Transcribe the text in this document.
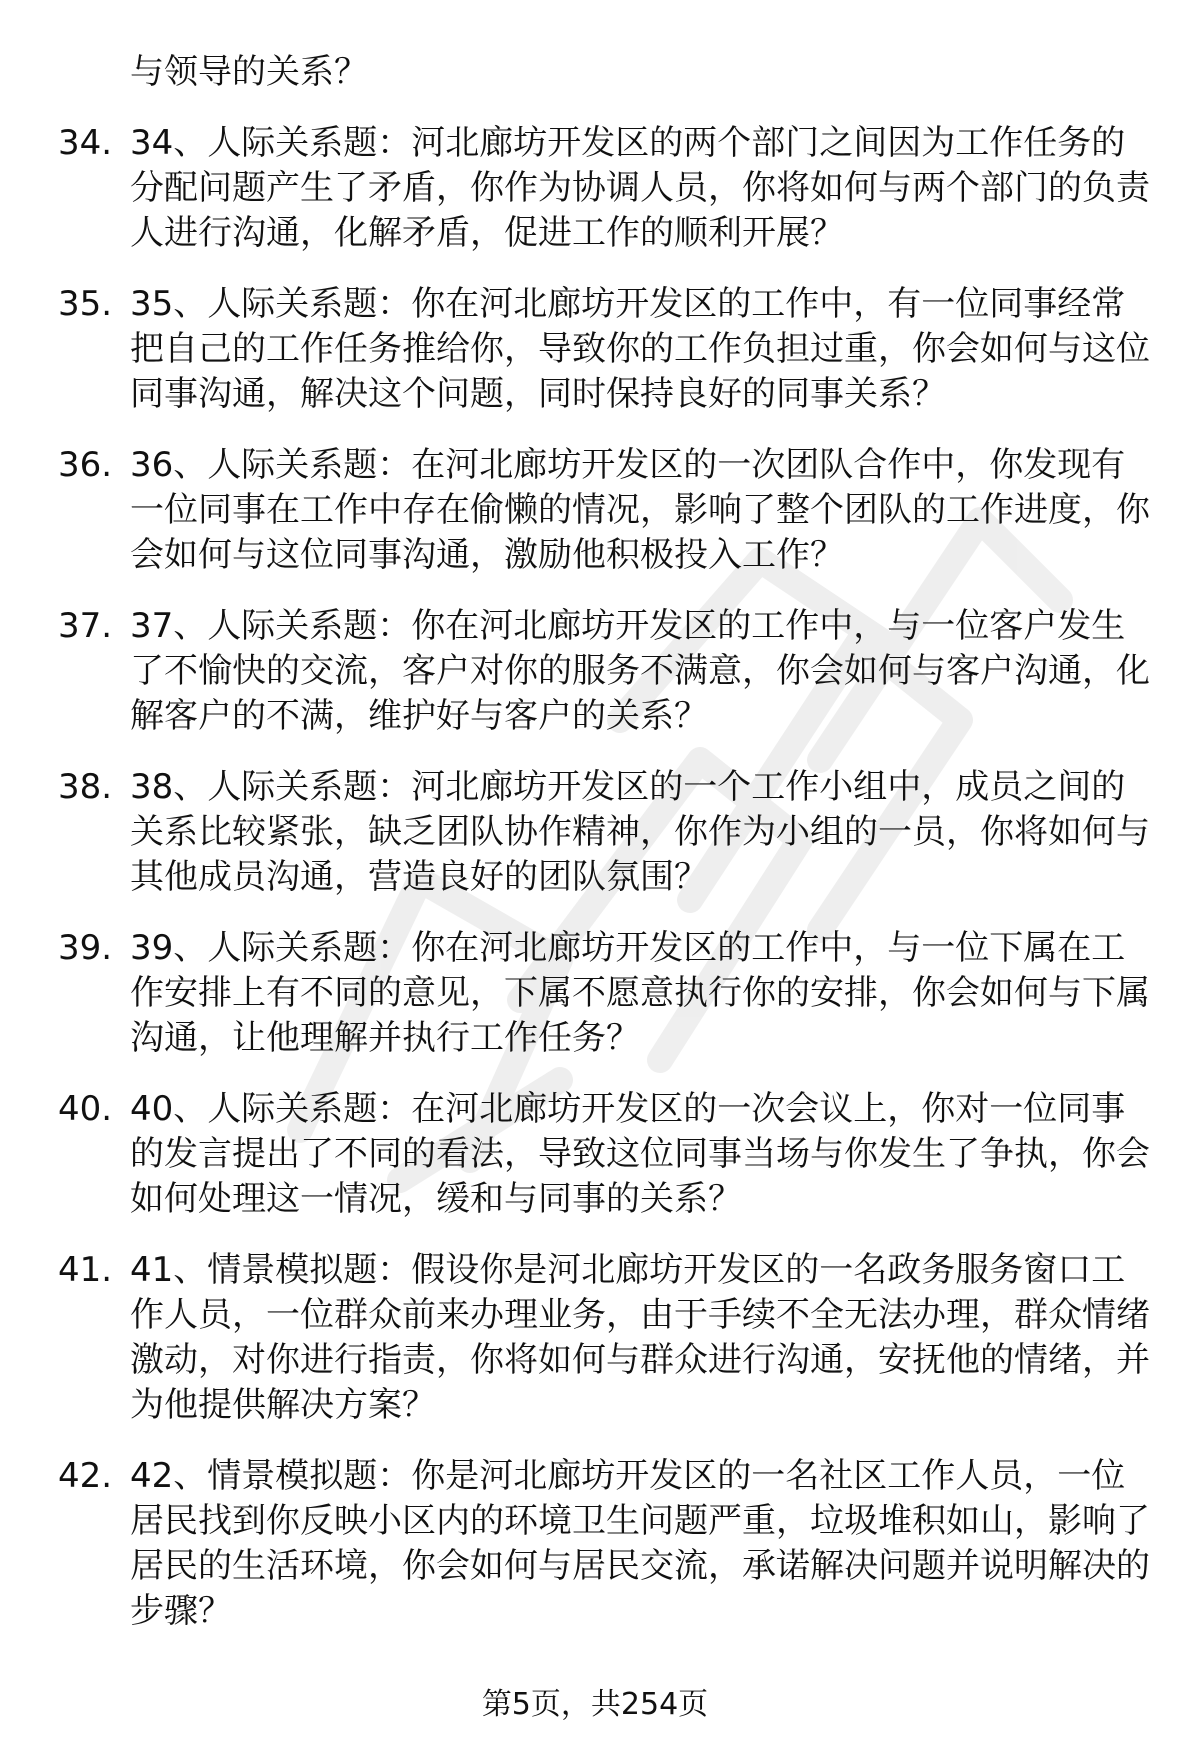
与领导的关系？
34. 34、人际关系题：河北廊坊开发区的两个部门之间因为工作任务的分配问题产生了矛盾，你作为协调人员，你将如何与两个部门的负责人进行沟通，化解矛盾，促进工作的顺利开展？
35. 35、人际关系题：你在河北廊坊开发区的工作中，有一位同事经常把自己的工作任务推给你，导致你的工作负担过重，你会如何与这位同事沟通，解决这个问题，同时保持良好的同事关系？
36. 36、人际关系题：在河北廊坊开发区的一次团队合作中，你发现有一位同事在工作中存在偷懒的情况，影响了整个团队的工作进度，你会如何与这位同事沟通，激励他积极投入工作？
37. 37、人际关系题：你在河北廊坊开发区的工作中，与一位客户发生了不愉快的交流，客户对你的服务不满意，你会如何与客户沟通，化解客户的不满，维护好与客户的关系？
38. 38、人际关系题：河北廊坊开发区的一个工作小组中，成员之间的关系比较紧张，缺乏团队协作精神，你作为小组的一员，你将如何与其他成员沟通，营造良好的团队氛围？
39. 39、人际关系题：你在河北廊坊开发区的工作中，与一位下属在工作安排上有不同的意见，下属不愿意执行你的安排，你会如何与下属沟通，让他理解并执行工作任务？
40. 40、人际关系题：在河北廊坊开发区的一次会议上，你对一位同事的发言提出了不同的看法，导致这位同事当场与你发生了争执，你会如何处理这一情况，缓和与同事的关系？
41. 41、情景模拟题：假设你是河北廊坊开发区的一名政务服务窗口工作人员，一位群众前来办理业务，由于手续不全无法办理，群众情绪激动，对你进行指责，你将如何与群众进行沟通，安抚他的情绪，并为他提供解决方案？
42. 42、情景模拟题：你是河北廊坊开发区的一名社区工作人员，一位居民找到你反映小区内的环境卫生问题严重，垃圾堆积如山，影响了居民的生活环境，你会如何与居民交流，承诺解决问题并说明解决的步骤？
第5页，共254页
